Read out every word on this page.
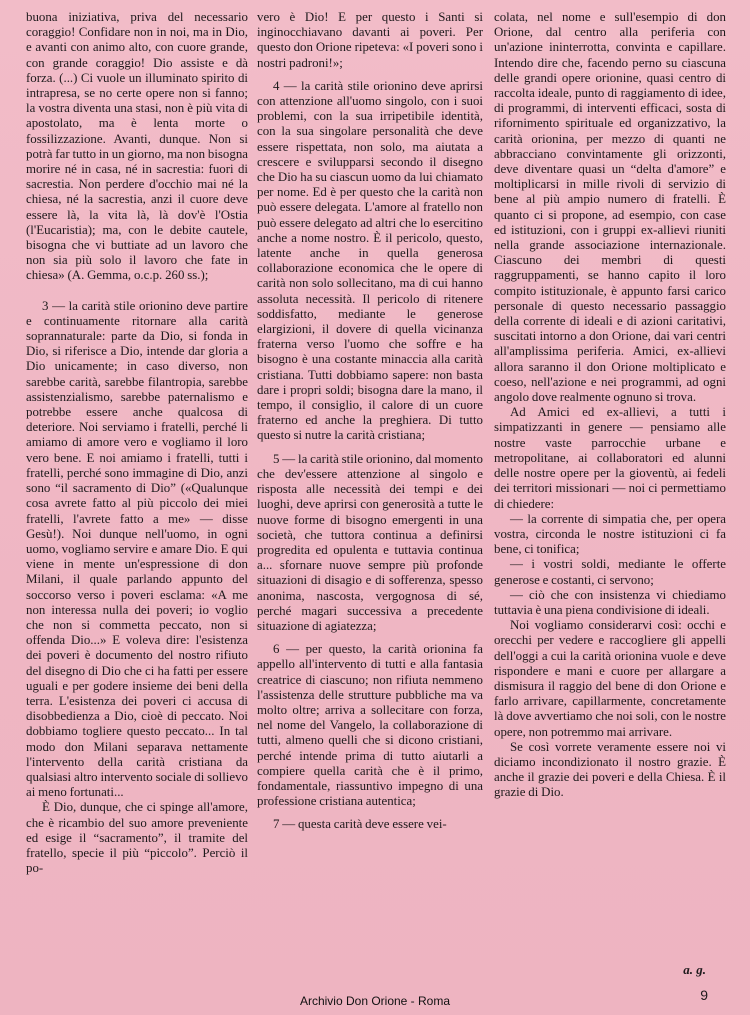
buona iniziativa, priva del necessario coraggio! Confidare non in noi, ma in Dio, e avanti con animo alto, con cuore grande, con grande coraggio! Dio assiste e dà forza. (...) Ci vuole un illuminato spirito di intrapresa, se no certe opere non si fanno; la vostra diventa una stasi, non è più vita di apostolato, ma è lenta morte o fossilizzazione. Avanti, dunque. Non si potrà far tutto in un giorno, ma non bisogna morire né in casa, né in sacrestia: fuori di sacrestia. Non perdere d'occhio mai né la chiesa, né la sacrestia, anzi il cuore deve essere là, la vita là, là dov'è l'Ostia (l'Eucaristia); ma, con le debite cautele, bisogna che vi buttiate ad un lavoro che non sia più solo il lavoro che fate in chiesa» (A. Gemma, o.c.p. 260 ss.);

3 — la carità stile orionino deve partire e continuamente ritornare alla carità soprannaturale: parte da Dio, si fonda in Dio, si riferisce a Dio, intende dar gloria a Dio unicamente; in caso diverso, non sarebbe carità, sarebbe filantropia, sarebbe assistenzialismo, sarebbe paternalismo e potrebbe essere anche qualcosa di deteriore. Noi serviamo i fratelli, perché li amiamo di amore vero e vogliamo il loro vero bene. E noi amiamo i fratelli, tutti i fratelli, perché sono immagine di Dio, anzi sono “il sacramento di Dio” («Qualunque cosa avrete fatto al più piccolo dei miei fratelli, l'avrete fatto a me» — disse Gesù!). Noi dunque nell'uomo, in ogni uomo, vogliamo servire e amare Dio. E qui viene in mente un'espressione di don Milani, il quale parlando appunto del soccorso verso i poveri esclama: «A me non interessa nulla dei poveri; io voglio che non si commetta peccato, non si offenda Dio...» E voleva dire: l'esistenza dei poveri è documento del nostro rifiuto del disegno di Dio che ci ha fatti per essere uguali e per godere insieme dei beni della terra. L'esistenza dei poveri ci accusa di disobbedienza a Dio, cioè di peccato. Noi dobbiamo togliere questo peccato... In tal modo don Milani separava nettamente l'intervento della carità cristiana da qualsiasi altro intervento sociale di sollievo ai meno fortunati...

È Dio, dunque, che ci spinge all'amore, che è ricambio del suo amore preveniente ed esige il “sacramento”, il tramite del fratello, specie il più “piccolo”. Perciò il po-

vero è Dio! E per questo i Santi si inginocchiavano davanti ai poveri. Per questo don Orione ripeteva: «I poveri sono i nostri padroni!»;

4 — la carità stile orionino deve aprirsi con attenzione all'uomo singolo, con i suoi problemi, con la sua irripetibile identità, con la sua singolare personalità che deve essere rispettata, non solo, ma aiutata a crescere e svilupparsi secondo il disegno che Dio ha su ciascun uomo da lui chiamato per nome. Ed è per questo che la carità non può essere delegata. L'amore al fratello non può essere delegato ad altri che lo esercitino anche a nome nostro. È il pericolo, questo, latente anche in quella generosa collaborazione economica che le opere di carità non solo sollecitano, ma di cui hanno assoluta necessità. Il pericolo di ritenere soddisfatto, mediante le generose elargizioni, il dovere di quella vicinanza fraterna verso l'uomo che soffre e ha bisogno è una costante minaccia alla carità cristiana. Tutti dobbiamo sapere: non basta dare i propri soldi; bisogna dare la mano, il tempo, il consiglio, il calore di un cuore fraterno ed anche la preghiera. Di tutto questo si nutre la carità cristiana;

5 — la carità stile orionino, dal momento che dev'essere attenzione al singolo e risposta alle necessità dei tempi e dei luoghi, deve aprirsi con generosità a tutte le nuove forme di bisogno emergenti in una società, che tuttora continua a definirsi progredita ed opulenta e tuttavia continua a... sfornare nuove sempre più profonde situazioni di disagio e di sofferenza, spesso anonima, nascosta, vergognosa di sé, perché magari successiva a precedente situazione di agiatezza;

6 — per questo, la carità orionina fa appello all'intervento di tutti e alla fantasia creatrice di ciascuno; non rifiuta nemmeno l'assistenza delle strutture pubbliche ma va molto oltre; arriva a sollecitare con forza, nel nome del Vangelo, la collaborazione di tutti, almeno quelli che si dicono cristiani, perché intende prima di tutto aiutarli a compiere quella carità che è il primo, fondamentale, riassuntivo impegno di una professione cristiana autentica;

7 — questa carità deve essere vei-

colata, nel nome e sull'esempio di don Orione, dal centro alla periferia con un'azione ininterrotta, convinta e capillare. Intendo dire che, facendo perno su ciascuna delle grandi opere orionine, quasi centro di raccolta ideale, punto di raggiamento di idee, di programmi, di interventi efficaci, sosta di rifornimento spirituale ed organizzativo, la carità orionina, per mezzo di quanti ne abbracciano convintamente gli orizzonti, deve diventare quasi un “delta d'amore” e moltiplicarsi in mille rivoli di servizio di bene al più ampio numero di fratelli. È quanto ci si propone, ad esempio, con case ed istituzioni, con i gruppi ex-allievi riuniti nella grande associazione internazionale. Ciascuno dei membri di questi raggruppamenti, se hanno capito il loro compito istituzionale, è appunto farsi carico personale di questo necessario passaggio della corrente di ideali e di azioni caritativi, suscitati intorno a don Orione, dai vari centri all'amplissima periferia. Amici, ex-allievi allora saranno il don Orione moltiplicato e coeso, nell'azione e nei programmi, ad ogni angolo dove realmente ognuno si trova.

Ad Amici ed ex-allievi, a tutti i simpatizzanti in genere — pensiamo alle nostre vaste parrocchie urbane e metropolitane, ai collaboratori ed alunni delle nostre opere per la gioventù, ai fedeli dei territori missionari — noi ci permettiamo di chiedere:

— la corrente di simpatia che, per opera vostra, circonda le nostre istituzioni ci fa bene, ci tonifica;

— i vostri soldi, mediante le offerte generose e costanti, ci servono;

— ciò che con insistenza vi chiediamo tuttavia è una piena condivisione di ideali.

Noi vogliamo considerarvi così: occhi e orecchi per vedere e raccogliere gli appelli dell'oggi a cui la carità orionina vuole e deve rispondere e mani e cuore per allargare a dismisura il raggio del bene di don Orione e farlo arrivare, capillarmente, concretamente là dove avvertiamo che noi soli, con le nostre opere, non potremmo mai arrivare.

Se così vorrete veramente essere noi vi diciamo incondizionato il nostro grazie. È anche il grazie dei poveri e della Chiesa. È il grazie di Dio.

a. g.
9
Archivio Don Orione - Roma
